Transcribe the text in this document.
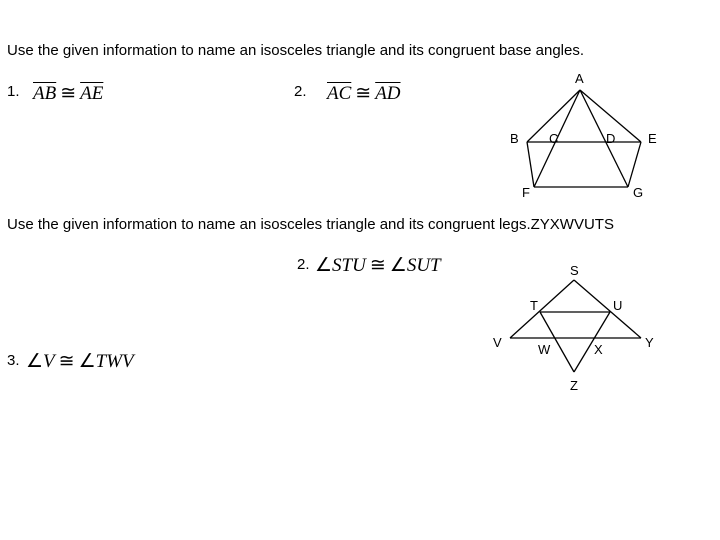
Use the given information to name an isosceles triangle and its congruent base angles.
1. $\overline{AB}$ ≅ $\overline{AE}$	2. $\overline{AC}$ ≅ $\overline{AD}$
A
B C	D	E
F	G
Use the given information to name an isosceles triangle and its congruent legs.ZYXWVUTS
2. ∠STU ≅ ∠SUT
3. ∠V ≅ ∠TWV
S
T	U
V	W	X	Y
Z
